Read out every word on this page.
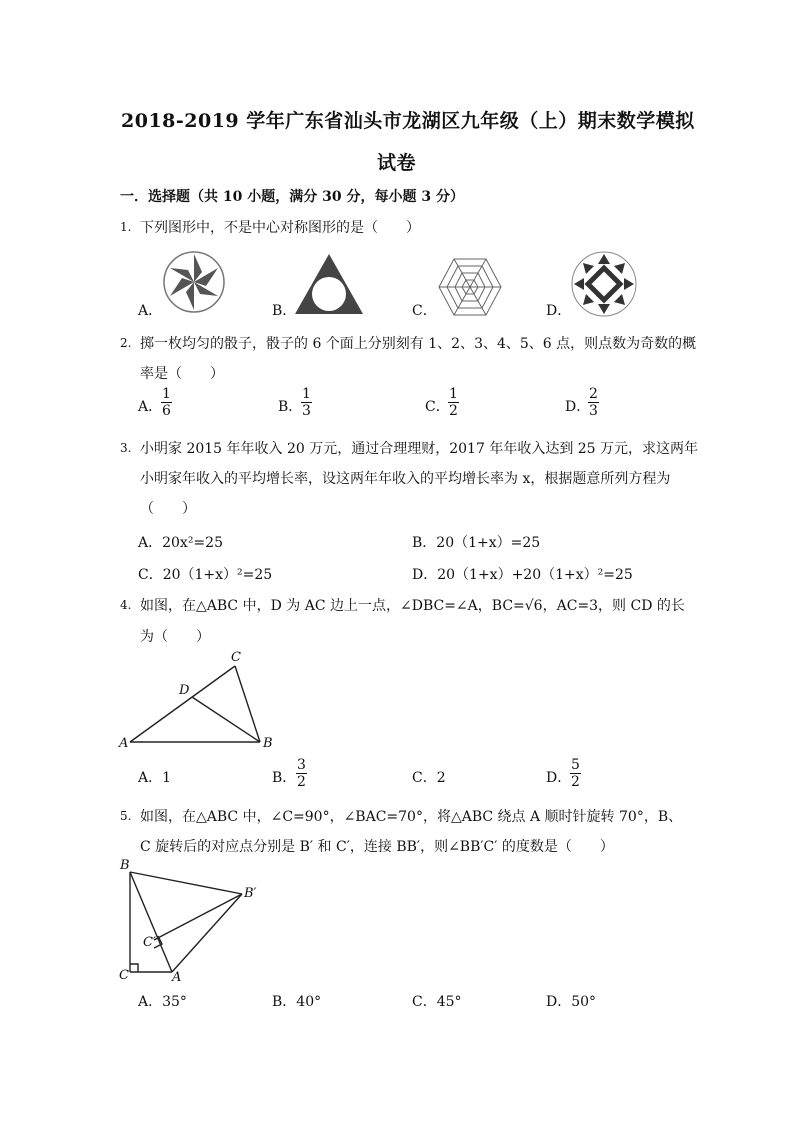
2018-2019 学年广东省汕头市龙湖区九年级（上）期末数学模拟
试卷
一．选择题（共 10 小题，满分 30 分，每小题 3 分）
1. 下列图形中，不是中心对称图形的是（　　）
A．	B．	C．	D．
2. 掷一枚均匀的骰子，骰子的 6 个面上分别刻有 1、2、3、4、5、6 点，则点数为奇数的概
率是（　　）
A．
$\frac{1}{6}$	B．
$\frac{1}{3}$	C．
$\frac{1}{2}$	D．
$\frac{2}{3}$
3. 小明家 2015 年年收入 20 万元，通过合理理财，2017 年年收入达到 25 万元，求这两年
小明家年收入的平均增长率，设这两年年收入的平均增长率为 x，根据题意所列方程为
（　　）
A．20x²=25	B．20（1+x）=25
C．20（1+x）²=25	D．20（1+x）+20（1+x）²=25
4. 如图，在△ABC 中，D 为 AC 边上一点，∠DBC=∠A，BC=√6，AC=3，则 CD 的长
为（　　）
A	B
C
D
A．1	B． $\frac{3}{2}$	C．2	D．
$\frac{5}{2}$
5. 如图，在△ABC 中，∠C=90°，∠BAC=70°，将△ABC 绕点 A 顺时针旋转 70°，B、
C 旋转后的对应点分别是 B′ 和 C′，连接 BB′，则∠BB′C′ 的度数是（　　）
B
B′
C′
C	A
A．35°	B．40°	C．45°	D．50°
